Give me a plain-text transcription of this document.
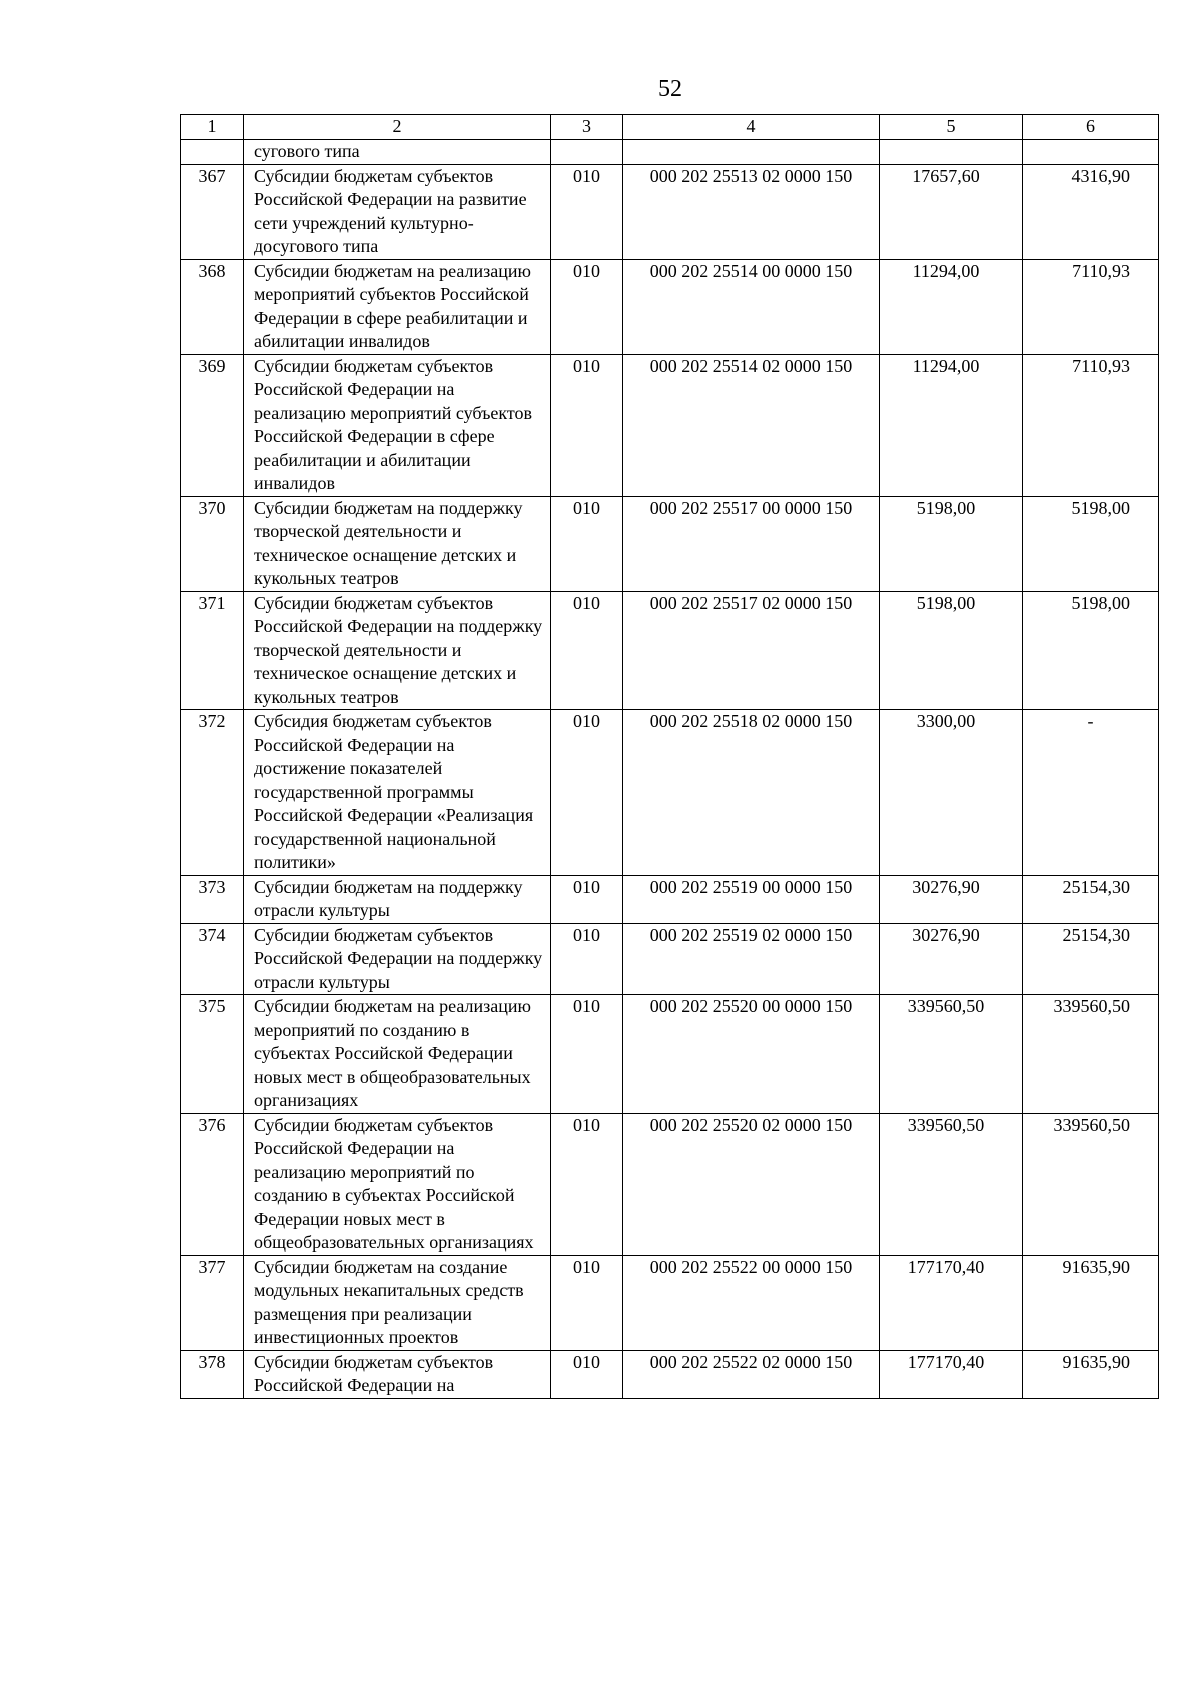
52
1	2	3	4	5	6
	сугового типа				
367	Субсидии бюджетам субъектов Российской Федерации на развитие сети учреждений культурно-досугового типа	010	000 202 25513 02 0000 150	17657,60	4316,90
368	Субсидии бюджетам на реализацию мероприятий субъектов Российской Федерации в сфере реабилитации и абилитации инвалидов	010	000 202 25514 00 0000 150	11294,00	7110,93
369	Субсидии бюджетам субъектов Российской Федерации на реализацию мероприятий субъектов Российской Федерации в сфере реабилитации и абилитации инвалидов	010	000 202 25514 02 0000 150	11294,00	7110,93
370	Субсидии бюджетам на поддержку творческой деятельности и техническое оснащение детских и кукольных театров	010	000 202 25517 00 0000 150	5198,00	5198,00
371	Субсидии бюджетам субъектов Российской Федерации на поддержку творческой деятельности и техническое оснащение детских и кукольных театров	010	000 202 25517 02 0000 150	5198,00	5198,00
372	Субсидия бюджетам субъектов Российской Федерации на достижение показателей государственной программы Российской Федерации «Реализация государственной национальной политики»	010	000 202 25518 02 0000 150	3300,00	-
373	Субсидии бюджетам на поддержку отрасли культуры	010	000 202 25519 00 0000 150	30276,90	25154,30
374	Субсидии бюджетам субъектов Российской Федерации на поддержку отрасли культуры	010	000 202 25519 02 0000 150	30276,90	25154,30
375	Субсидии бюджетам на реализацию мероприятий по созданию в субъектах Российской Федерации новых мест в общеобразовательных организациях	010	000 202 25520 00 0000 150	339560,50	339560,50
376	Субсидии бюджетам субъектов Российской Федерации на реализацию мероприятий по созданию в субъектах Российской Федерации новых мест в общеобразовательных организациях	010	000 202 25520 02 0000 150	339560,50	339560,50
377	Субсидии бюджетам на создание модульных некапитальных средств размещения при реализации инвестиционных проектов	010	000 202 25522 00 0000 150	177170,40	91635,90
378	Субсидии бюджетам субъектов Российской Федерации на	010	000 202 25522 02 0000 150	177170,40	91635,90
